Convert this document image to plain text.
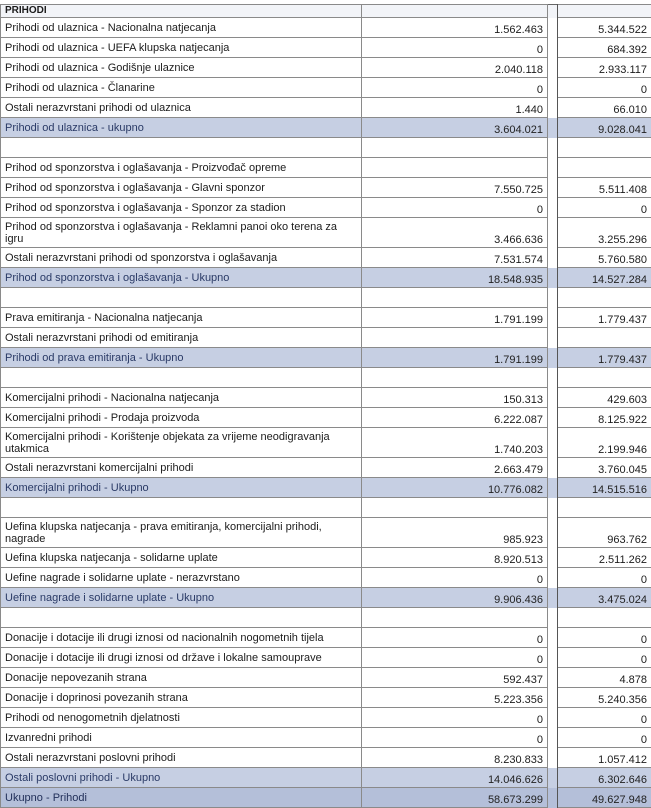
PRIHODI			
Prihodi od ulaznica - Nacionalna natjecanja	1.562.463		5.344.522
Prihodi od ulaznica - UEFA klupska natjecanja	0		684.392
Prihodi od ulaznica - Godišnje ulaznice	2.040.118		2.933.117
Prihodi od ulaznica - Članarine	0		0
Ostali nerazvrstani prihodi od ulaznica	1.440		66.010
Prihodi od ulaznica - ukupno	3.604.021		9.028.041

Prihod od sponzorstva i oglašavanja - Proizvođač opreme			
Prihod od sponzorstva i oglašavanja - Glavni sponzor	7.550.725		5.511.408
Prihod od sponzorstva i oglašavanja - Sponzor za stadion	0		0
Prihod od sponzorstva i oglašavanja - Reklamni panoi oko terena za igru	3.466.636		3.255.296
Ostali nerazvrstani prihodi od sponzorstva i oglašavanja	7.531.574		5.760.580
Prihod od sponzorstva i oglašavanja - Ukupno	18.548.935		14.527.284

Prava emitiranja - Nacionalna natjecanja	1.791.199		1.779.437
Ostali nerazvrstani prihodi od emitiranja			
Prihodi od prava emitiranja - Ukupno	1.791.199		1.779.437

Komercijalni prihodi - Nacionalna natjecanja	150.313		429.603
Komercijalni prihodi - Prodaja proizvoda	6.222.087		8.125.922
Komercijalni prihodi - Korištenje objekata za vrijeme neodigravanja utakmica	1.740.203		2.199.946
Ostali nerazvrstani komercijalni prihodi	2.663.479		3.760.045
Komercijalni prihodi - Ukupno	10.776.082		14.515.516

Uefina klupska natjecanja - prava emitiranja, komercijalni prihodi, nagrade	985.923		963.762
Uefina klupska natjecanja - solidarne uplate	8.920.513		2.511.262
Uefine nagrade i solidarne uplate - nerazvrstano	0		0
Uefine nagrade i solidarne uplate - Ukupno	9.906.436		3.475.024

Donacije i dotacije ili drugi iznosi od nacionalnih nogometnih tijela	0		0
Donacije i dotacije ili drugi iznosi od države i lokalne samouprave	0		0
Donacije nepovezanih strana	592.437		4.878
Donacije i doprinosi povezanih strana	5.223.356		5.240.356
Prihodi od nenogometnih djelatnosti	0		0
Izvanredni prihodi	0		0
Ostali nerazvrstani poslovni prihodi	8.230.833		1.057.412
Ostali poslovni prihodi - Ukupno	14.046.626		6.302.646
Ukupno - Prihodi	58.673.299		49.627.948
